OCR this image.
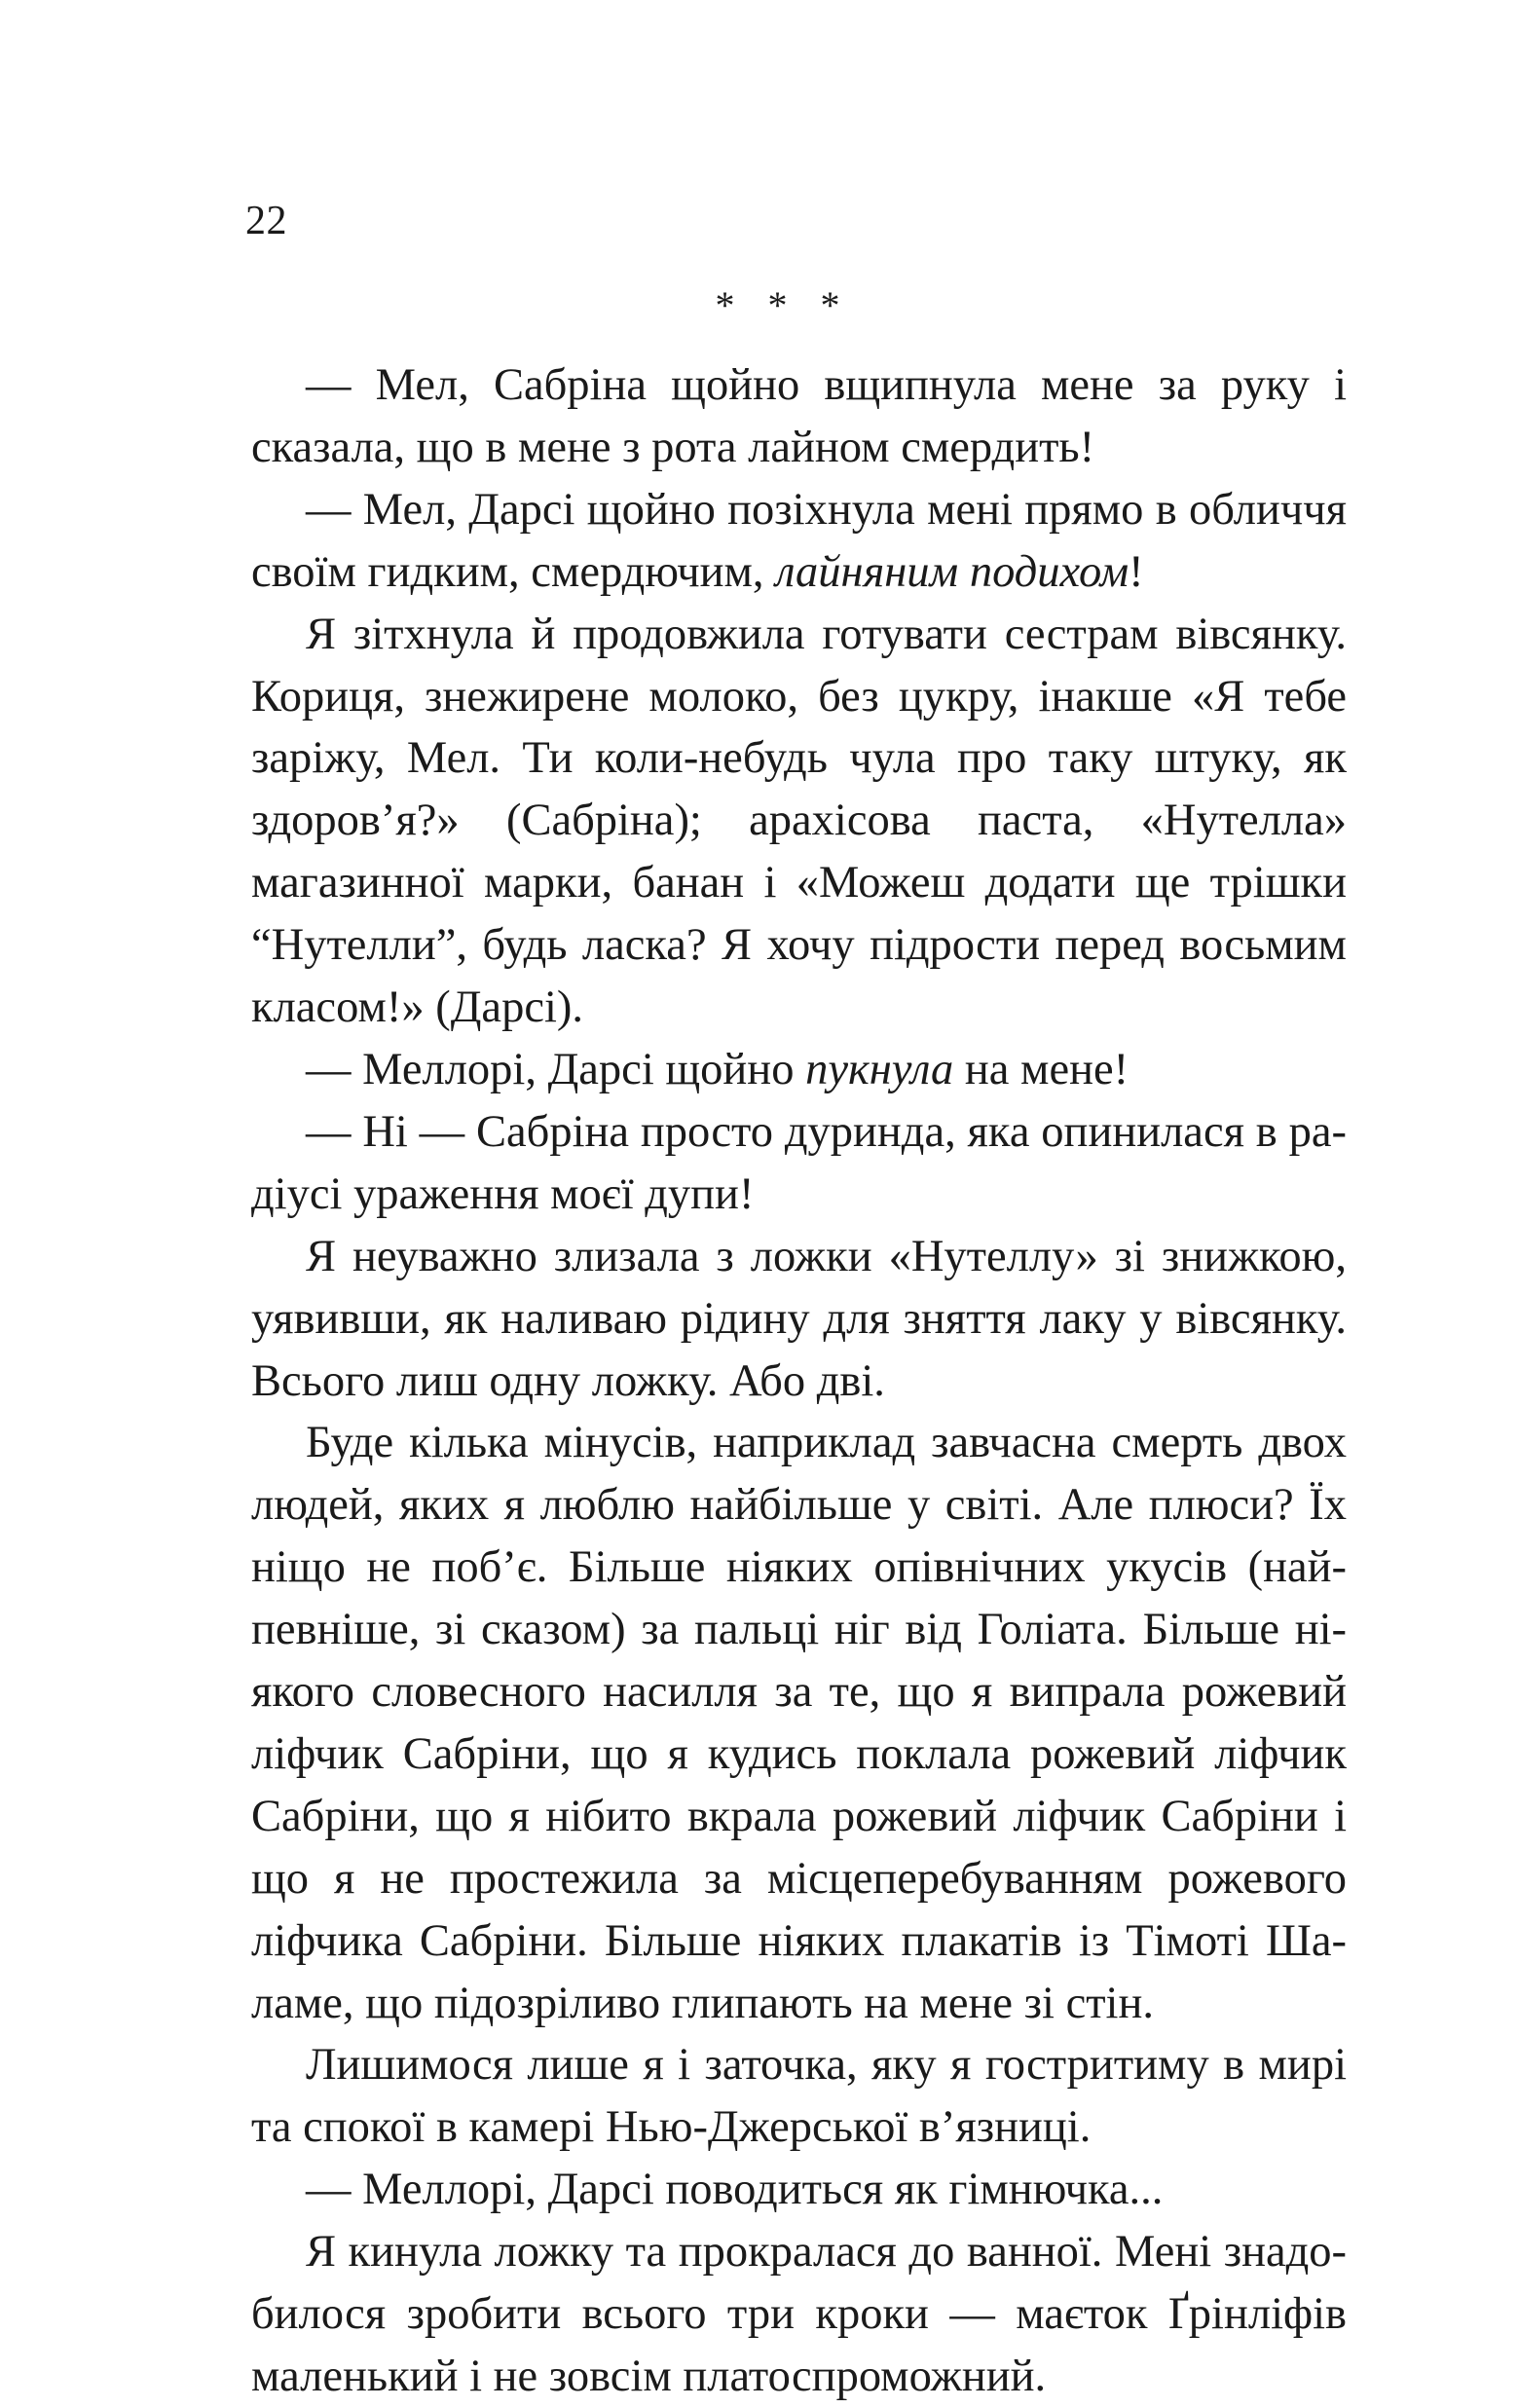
22
* * *

— Мел, Сабріна щойно вщипнула мене за руку і сказала, що в мене з рота лайном смердить!

— Мел, Дарсі щойно позіхнула мені прямо в обличчя своїм гидким, смердючим, лайняним подихом!

Я зітхнула й продовжила готувати сестрам вівсянку. Кориця, знежирене молоко, без цукру, інакше «Я тебе заріжу, Мел. Ти коли-небудь чула про таку штуку, як здоров’я?» (Сабріна); арахісова паста, «Нутелла» магазинної марки, банан і «Можеш додати ще трішки “Нутелли”, будь ласка? Я хочу підрости перед восьмим класом!» (Дарсі).

— Меллорі, Дарсі щойно пукнула на мене!

— Ні — Сабріна просто дуринда, яка опинилася в радіусі ураження моєї дупи!

Я неуважно злизала з ложки «Нутеллу» зі знижкою, уявивши, як наливаю рідину для зняття лаку у вівсянку. Всього лиш одну ложку. Або дві.

Буде кілька мінусів, наприклад завчасна смерть двох людей, яких я люблю найбільше у світі. Але плюси? Їх ніщо не поб’є. Більше ніяких опівнічних укусів (найпевніше, зі сказом) за пальці ніг від Голіата. Більше ніякого словесного насилля за те, що я випрала рожевий ліфчик Сабріни, що я кудись поклала рожевий ліфчик Сабріни, що я нібито вкрала рожевий ліфчик Сабріни і що я не простежила за місцеперебуванням рожевого ліфчика Сабріни. Більше ніяких плакатів із Тімоті Шаламе, що підозріливо глипають на мене зі стін.

Лишимося лише я і заточка, яку я гостритиму в мирі та спокої в камері Нью-Джерської в’язниці.

— Меллорі, Дарсі поводиться як гімнючка...

Я кинула ложку та прокралася до ванної. Мені знадобилося зробити всього три кроки — маєток Ґрінліфів маленький і не зовсім платоспроможний.
